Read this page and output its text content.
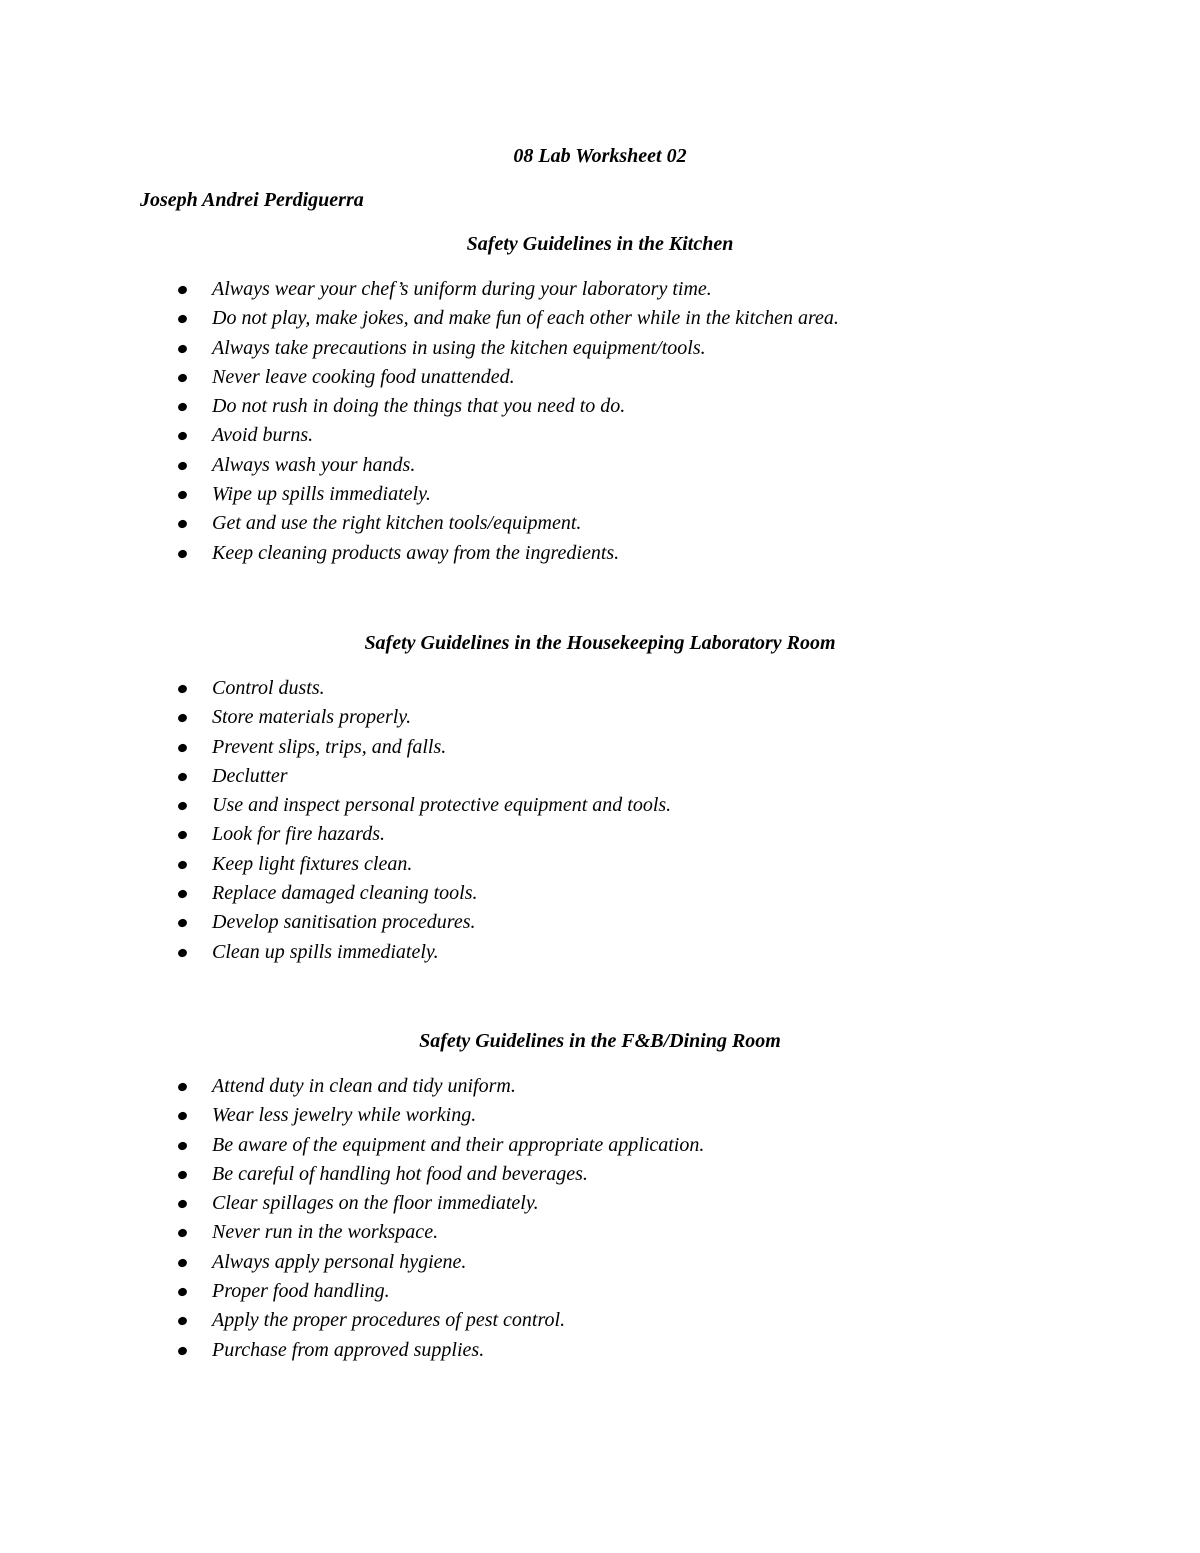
08 Lab Worksheet 02
Joseph Andrei Perdiguerra
Safety Guidelines in the Kitchen
Always wear your chef’s uniform during your laboratory time.
Do not play, make jokes, and make fun of each other while in the kitchen area.
Always take precautions in using the kitchen equipment/tools.
Never leave cooking food unattended.
Do not rush in doing the things that you need to do.
Avoid burns.
Always wash your hands.
Wipe up spills immediately.
Get and use the right kitchen tools/equipment.
Keep cleaning products away from the ingredients.
Safety Guidelines in the Housekeeping Laboratory Room
Control dusts.
Store materials properly.
Prevent slips, trips, and falls.
Declutter
Use and inspect personal protective equipment and tools.
Look for fire hazards.
Keep light fixtures clean.
Replace damaged cleaning tools.
Develop sanitisation procedures.
Clean up spills immediately.
Safety Guidelines in the F&B/Dining Room
Attend duty in clean and tidy uniform.
Wear less jewelry while working.
Be aware of the equipment and their appropriate application.
Be careful of handling hot food and beverages.
Clear spillages on the floor immediately.
Never run in the workspace.
Always apply personal hygiene.
Proper food handling.
Apply the proper procedures of pest control.
Purchase from approved supplies.
